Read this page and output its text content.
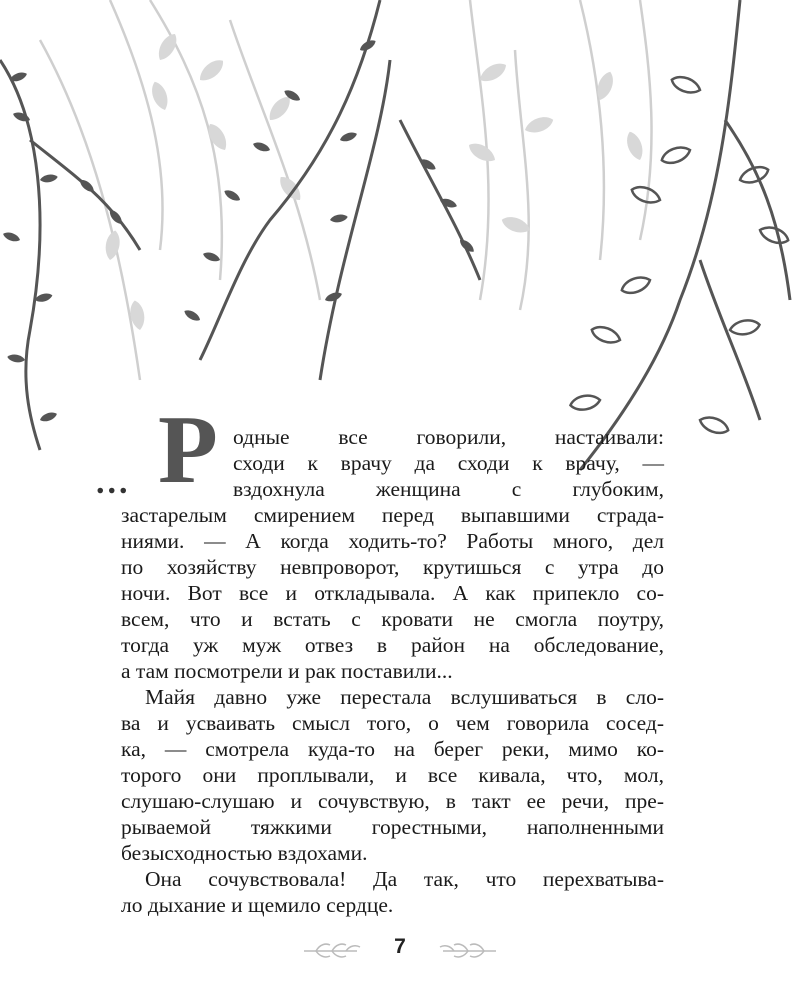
... Р одные все говорили, настаивали:
сходи к врачу да сходи к врачу, —
вздохнула женщина с глубоким,
застарелым смирением перед выпавшими страда-
ниями. — А когда ходить-то? Работы много, дел
по хозяйству невпроворот, крутишься с утра до
ночи. Вот все и откладывала. А как припекло со-
всем, что и встать с кровати не смогла поутру,
тогда уж муж отвез в район на обследование,
а там посмотрели и рак поставили...
Майя давно уже перестала вслушиваться в сло-
ва и усваивать смысл того, о чем говорила сосед-
ка, — смотрела куда-то на берег реки, мимо ко-
торого они проплывали, и все кивала, что, мол,
слушаю-слушаю и сочувствую, в такт ее речи, пре-
рываемой тяжкими горестными, наполненными
безысходностью вздохами.
Она сочувствовала! Да так, что перехватыва-
ло дыхание и щемило сердце.
7
